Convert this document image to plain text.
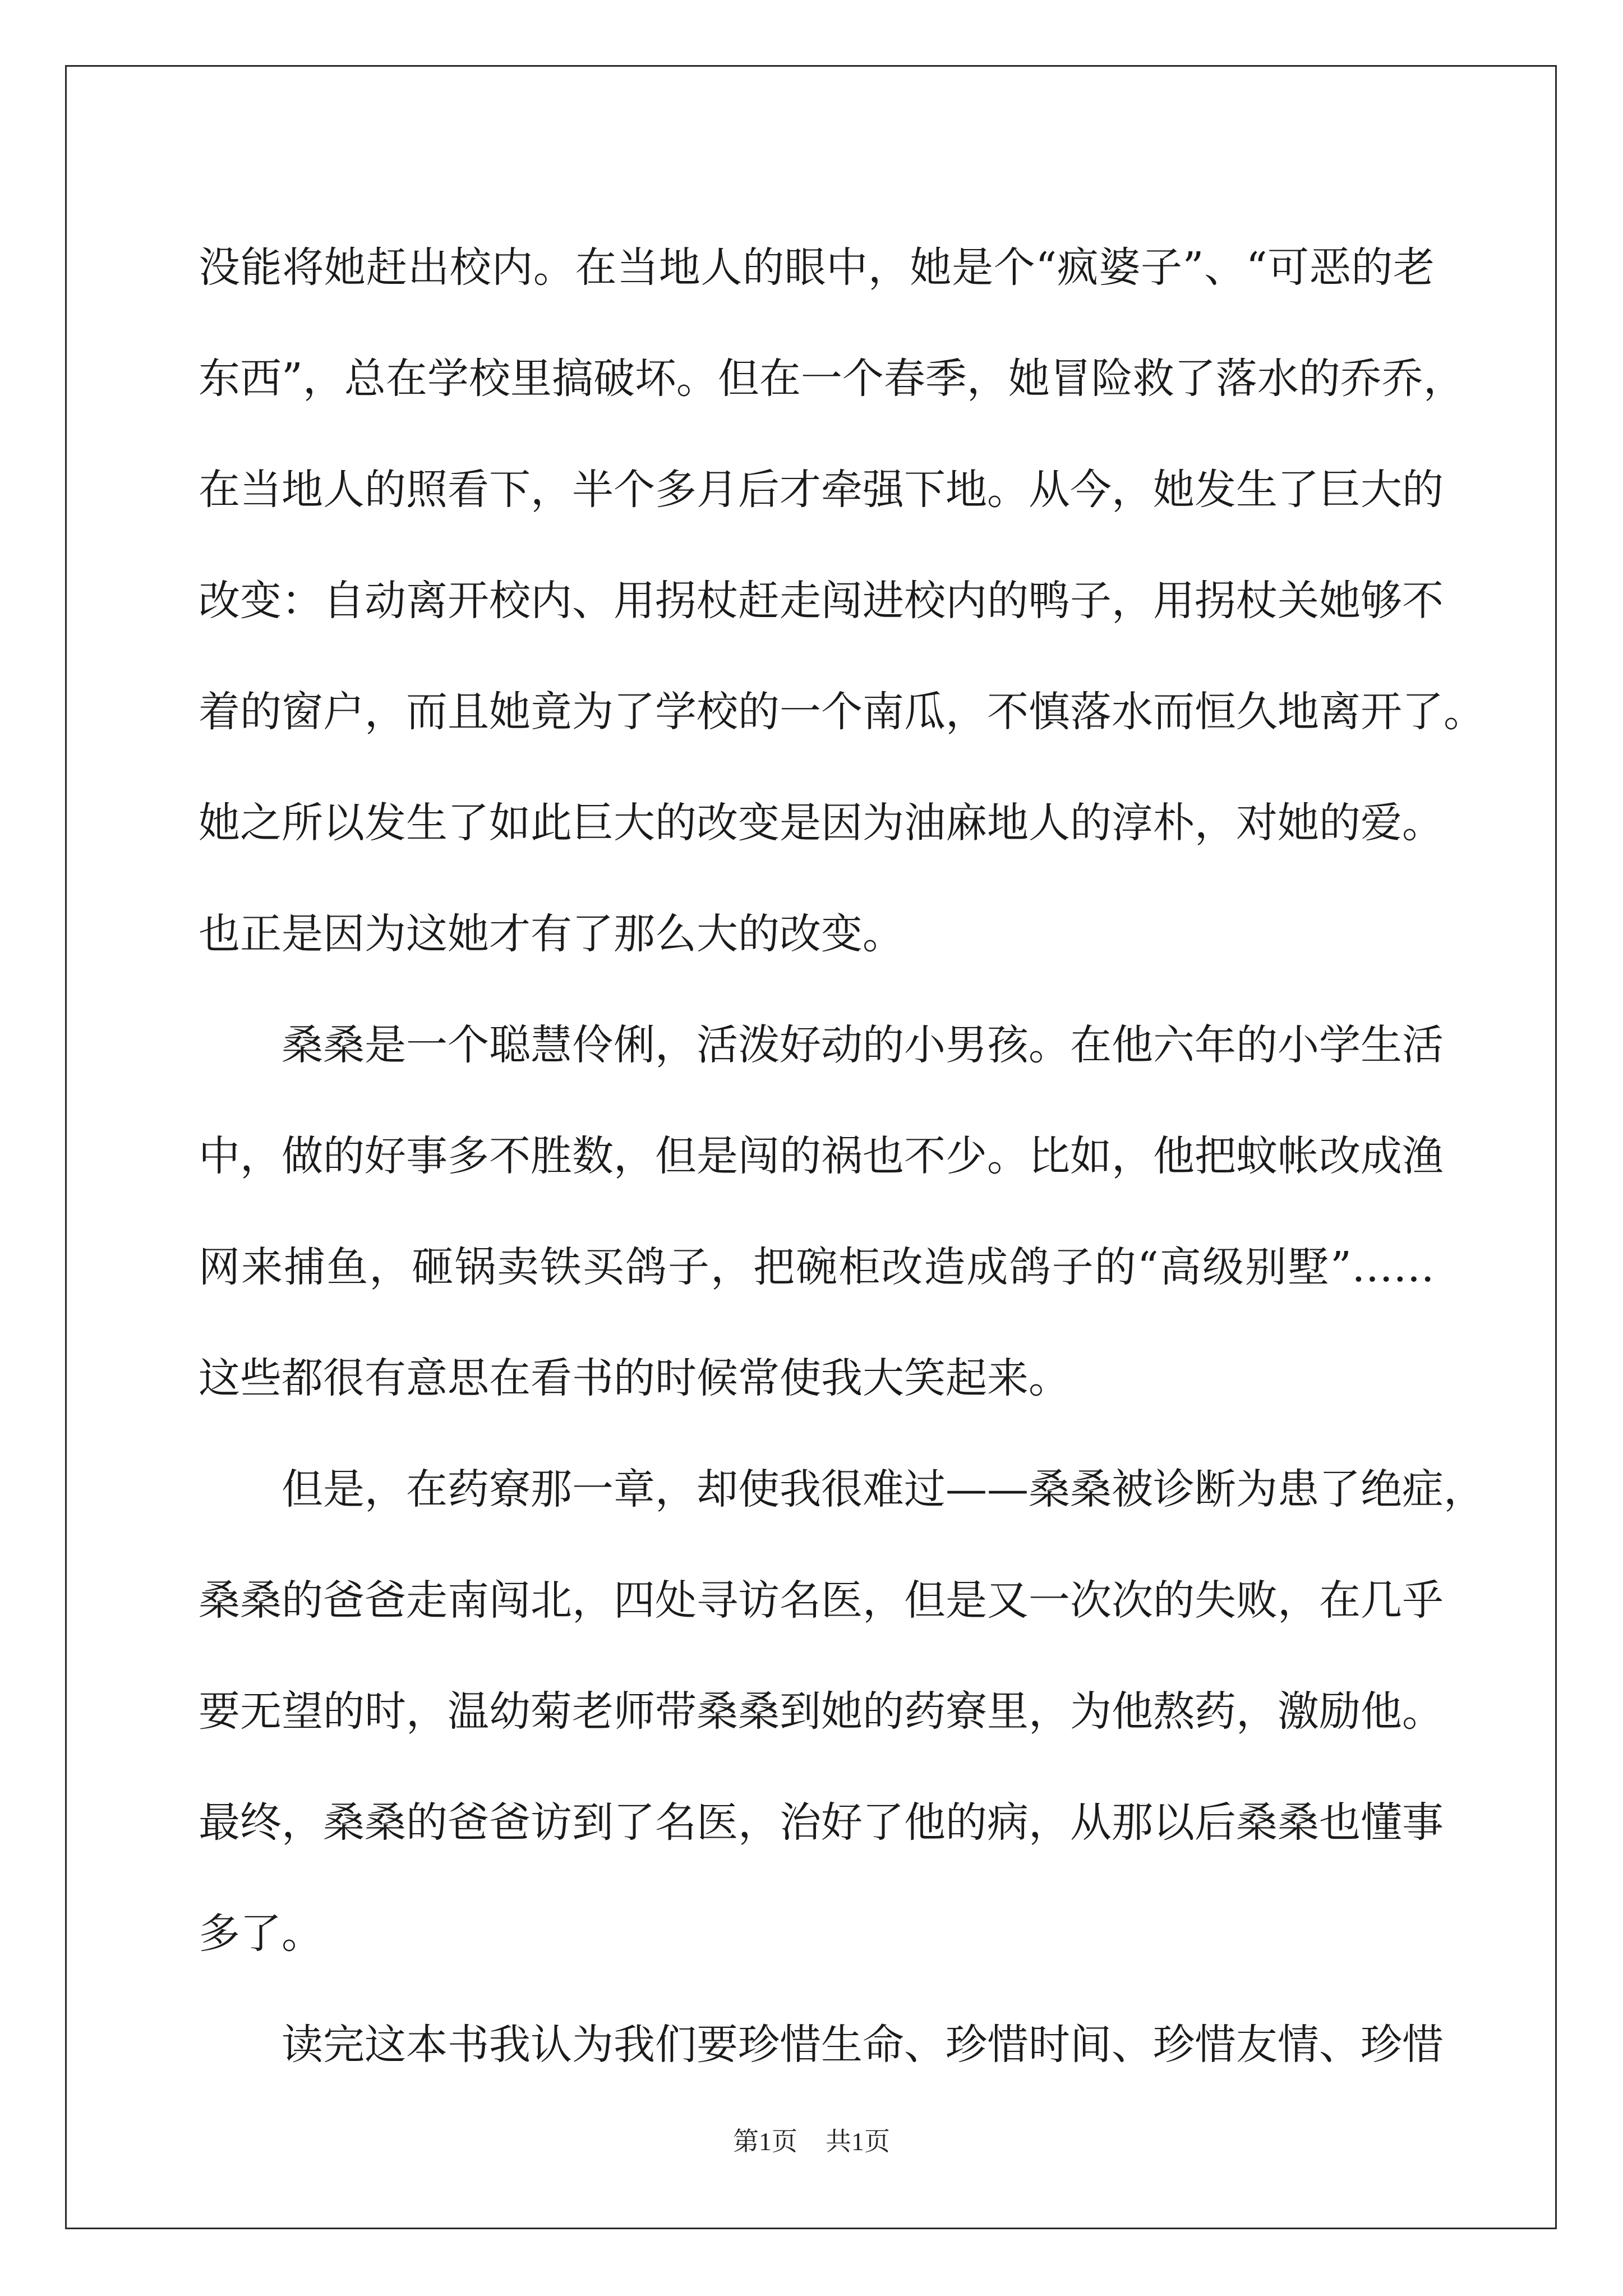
没能将她赶出校内。在当地人的眼中，她是个“疯婆子”、“可恶的老
东西”，总在学校里搞破坏。但在一个春季，她冒险救了落水的乔乔，
在当地人的照看下，半个多月后才牵强下地。从今，她发生了巨大的
改变：自动离开校内、用拐杖赶走闯进校内的鸭子，用拐杖关她够不
着的窗户，而且她竟为了学校的一个南瓜，不慎落水而恒久地离开了。
她之所以发生了如此巨大的改变是因为油麻地人的淳朴，对她的爱。
也正是因为这她才有了那么大的改变。
桑桑是一个聪慧伶俐，活泼好动的小男孩。在他六年的小学生活
中，做的好事多不胜数，但是闯的祸也不少。比如，他把蚊帐改成渔
网来捕鱼，砸锅卖铁买鸽子，把碗柜改造成鸽子的“高级别墅”……
这些都很有意思在看书的时候常使我大笑起来。
但是，在药寮那一章，却使我很难过——桑桑被诊断为患了绝症，
桑桑的爸爸走南闯北，四处寻访名医，但是又一次次的失败，在几乎
要无望的时，温幼菊老师带桑桑到她的药寮里，为他熬药，激励他。
最终，桑桑的爸爸访到了名医，治好了他的病，从那以后桑桑也懂事
多了。
读完这本书我认为我们要珍惜生命、珍惜时间、珍惜友情、珍惜
第1页 共1页
